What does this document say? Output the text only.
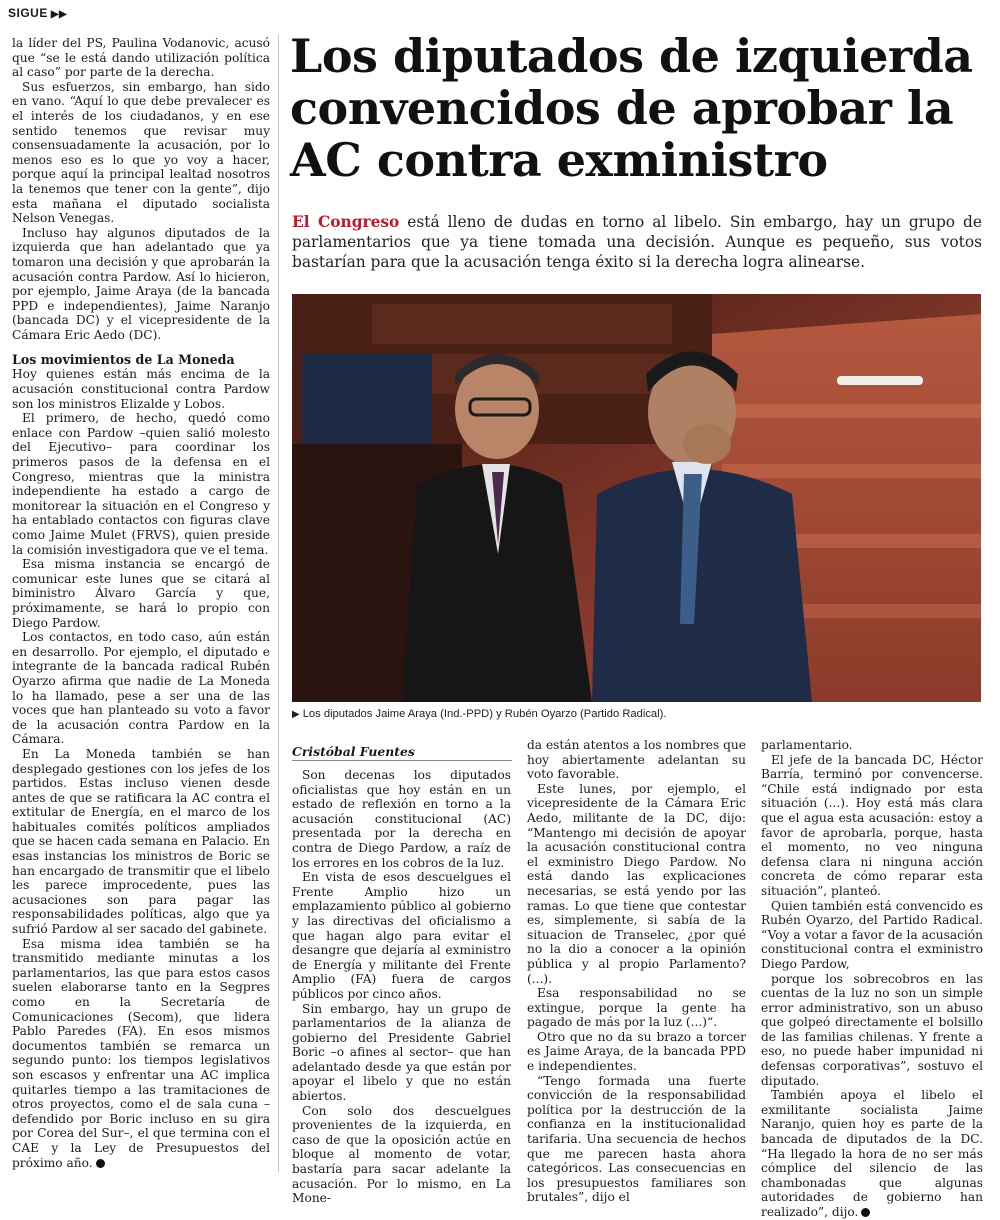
SIGUE ▶▶

la líder del PS, Paulina Vodanovic, acusó que “se le está dando utilización política al caso” por parte de la derecha.

Sus esfuerzos, sin embargo, han sido en vano. “Aquí lo que debe prevalecer es el interés de los ciudadanos, y en ese sentido tenemos que revisar muy consensuadamente la acusación, por lo menos eso es lo que yo voy a hacer, porque aquí la principal lealtad nosotros la tenemos que tener con la gente”, dijo esta mañana el diputado socialista Nelson Venegas.

Incluso hay algunos diputados de la izquierda que han adelantado que ya tomaron una decisión y que aprobarán la acusación contra Pardow. Así lo hicieron, por ejemplo, Jaime Araya (de la bancada PPD e independientes), Jaime Naranjo (bancada DC) y el vicepresidente de la Cámara Eric Aedo (DC).

Los movimientos de La Moneda

Hoy quienes están más encima de la acusación constitucional contra Pardow son los ministros Elizalde y Lobos.

El primero, de hecho, quedó como enlace con Pardow –quien salió molesto del Ejecutivo– para coordinar los primeros pasos de la defensa en el Congreso, mientras que la ministra independiente ha estado a cargo de monitorear la situación en el Congreso y ha entablado contactos con figuras clave como Jaime Mulet (FRVS), quien preside la comisión investigadora que ve el tema.

Esa misma instancia se encargó de comunicar este lunes que se citará al biministro Álvaro García y que, próximamente, se hará lo propio con Diego Pardow.

Los contactos, en todo caso, aún están en desarrollo. Por ejemplo, el diputado e integrante de la bancada radical Rubén Oyarzo afirma que nadie de La Moneda lo ha llamado, pese a ser una de las voces que han planteado su voto a favor de la acusación contra Pardow en la Cámara.

En La Moneda también se han desplegado gestiones con los jefes de los partidos. Estas incluso vienen desde antes de que se ratificara la AC contra el extitular de Energía, en el marco de los habituales comités políticos ampliados que se hacen cada semana en Palacio. En esas instancias los ministros de Boric se han encargado de transmitir que el libelo les parece improcedente, pues las acusaciones son para pagar las responsabilidades políticas, algo que ya sufrió Pardow al ser sacado del gabinete.

Esa misma idea también se ha transmitido mediante minutas a los parlamentarios, las que para estos casos suelen elaborarse tanto en la Segpres como en la Secretaría de Comunicaciones (Secom), que lidera Pablo Paredes (FA). En esos mismos documentos también se remarca un segundo punto: los tiempos legislativos son escasos y enfrentar una AC implica quitarles tiempo a las tramitaciones de otros proyectos, como el de sala cuna –defendido por Boric incluso en su gira por Corea del Sur–, el que termina con el CAE y la Ley de Presupuestos del próximo año.

Los diputados de izquierda convencidos de aprobar la AC contra exministro

El Congreso está lleno de dudas en torno al libelo. Sin embargo, hay un grupo de parlamentarios que ya tiene tomada una decisión. Aunque es pequeño, sus votos bastarían para que la acusación tenga éxito si la derecha logra alinearse.

▶ Los diputados Jaime Araya (Ind.-PPD) y Rubén Oyarzo (Partido Radical).
Cristóbal Fuentes

Son decenas los diputados oficialistas que hoy están en un estado de reflexión en torno a la acusación constitucional (AC) presentada por la derecha en contra de Diego Pardow, a raíz de los errores en los cobros de la luz.

En vista de esos descuelgues el Frente Amplio hizo un emplazamiento público al gobierno y las directivas del oficialismo a que hagan algo para evitar el desangre que dejaría al exministro de Energía y militante del Frente Amplio (FA) fuera de cargos públicos por cinco años.

Sin embargo, hay un grupo de parlamentarios de la alianza de gobierno del Presidente Gabriel Boric –o afines al sector– que han adelantado desde ya que están por apoyar el libelo y que no están abiertos.

Con solo dos descuelgues provenientes de la izquierda, en caso de que la oposición actúe en bloque al momento de votar, bastaría para sacar adelante la acusación. Por lo mismo, en La Mone-

da están atentos a los nombres que hoy abiertamente adelantan su voto favorable.

Este lunes, por ejemplo, el vicepresidente de la Cámara Eric Aedo, militante de la DC, dijo: “Mantengo mi decisión de apoyar la acusación constitucional contra el exministro Diego Pardow. No está dando las explicaciones necesarias, se está yendo por las ramas. Lo que tiene que contestar es, simplemente, si sabía de la situacion de Transelec, ¿por qué no la dio a conocer a la opinión pública y al propio Parlamento? (...).

Esa responsabilidad no se extingue, porque la gente ha pagado de más por la luz (...)“.

Otro que no da su brazo a torcer es Jaime Araya, de la bancada PPD e independientes.

“Tengo formada una fuerte convicción de la responsabilidad política por la destrucción de la confianza en la institucionalidad tarifaria. Una secuencia de hechos que me parecen hasta ahora categóricos. Las consecuencias en los presupuestos familiares son brutales”, dijo el

parlamentario.

El jefe de la bancada DC, Héctor Barría, terminó por convencerse. “Chile está indignado por esta situación (...). Hoy está más clara que el agua esta acusación: estoy a favor de aprobarla, porque, hasta el momento, no veo ninguna defensa clara ni ninguna acción concreta de cómo reparar esta situación”, planteó.

Quien también está convencido es Rubén Oyarzo, del Partido Radical. “Voy a votar a favor de la acusación constitucional contra el exministro Diego Pardow,

porque los sobrecobros en las cuentas de la luz no son un simple error administrativo, son un abuso que golpeó directamente el bolsillo de las familias chilenas. Y frente a eso, no puede haber impunidad ni defensas corporativas”, sostuvo el diputado.

También apoya el libelo el exmilitante socialista Jaime Naranjo, quien hoy es parte de la bancada de diputados de la DC. “Ha llegado la hora de no ser más cómplice del silencio de las chambonadas que algunas autoridades de gobierno han realizado”, dijo.
